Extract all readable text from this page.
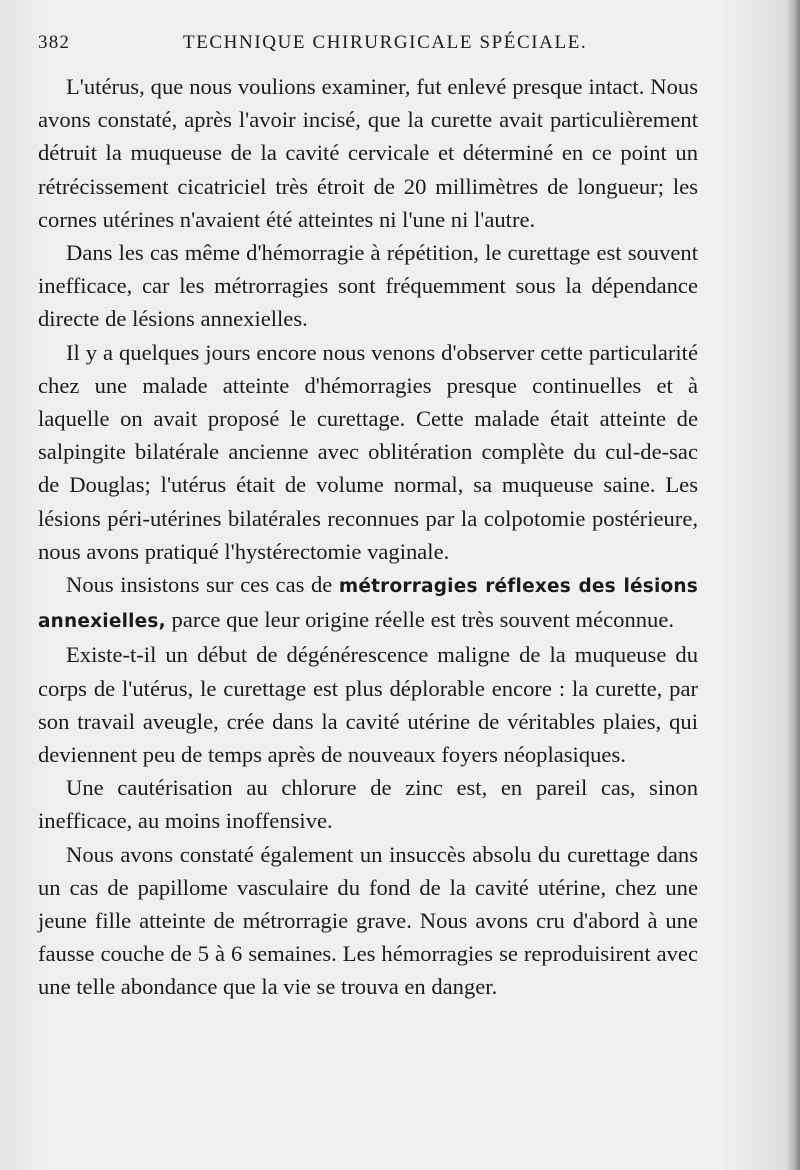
382	TECHNIQUE CHIRURGICALE SPÉCIALE.

L'utérus, que nous voulions examiner, fut enlevé presque intact. Nous avons constaté, après l'avoir incisé, que la curette avait particulièrement détruit la muqueuse de la cavité cervicale et déterminé en ce point un rétrécissement cicatriciel très étroit de 20 millimètres de longueur; les cornes utérines n'avaient été atteintes ni l'une ni l'autre.

Dans les cas même d'hémorragie à répétition, le curettage est souvent inefficace, car les métrorragies sont fréquemment sous la dépendance directe de lésions annexielles.

Il y a quelques jours encore nous venons d'observer cette particularité chez une malade atteinte d'hémorragies presque continuelles et à laquelle on avait proposé le curettage. Cette malade était atteinte de salpingite bilatérale ancienne avec oblitération complète du cul-de-sac de Douglas; l'utérus était de volume normal, sa muqueuse saine. Les lésions péri-utérines bilatérales reconnues par la colpotomie postérieure, nous avons pratiqué l'hystérectomie vaginale.

Nous insistons sur ces cas de métrorragies réflexes des lésions annexielles, parce que leur origine réelle est très souvent méconnue.

Existe-t-il un début de dégénérescence maligne de la muqueuse du corps de l'utérus, le curettage est plus déplorable encore : la curette, par son travail aveugle, crée dans la cavité utérine de véritables plaies, qui deviennent peu de temps après de nouveaux foyers néoplasiques.

Une cautérisation au chlorure de zinc est, en pareil cas, sinon inefficace, au moins inoffensive.

Nous avons constaté également un insuccès absolu du curettage dans un cas de papillome vasculaire du fond de la cavité utérine, chez une jeune fille atteinte de métrorragie grave. Nous avons cru d'abord à une fausse couche de 5 à 6 semaines. Les hémorragies se reproduisirent avec une telle abondance que la vie se trouva en danger.
